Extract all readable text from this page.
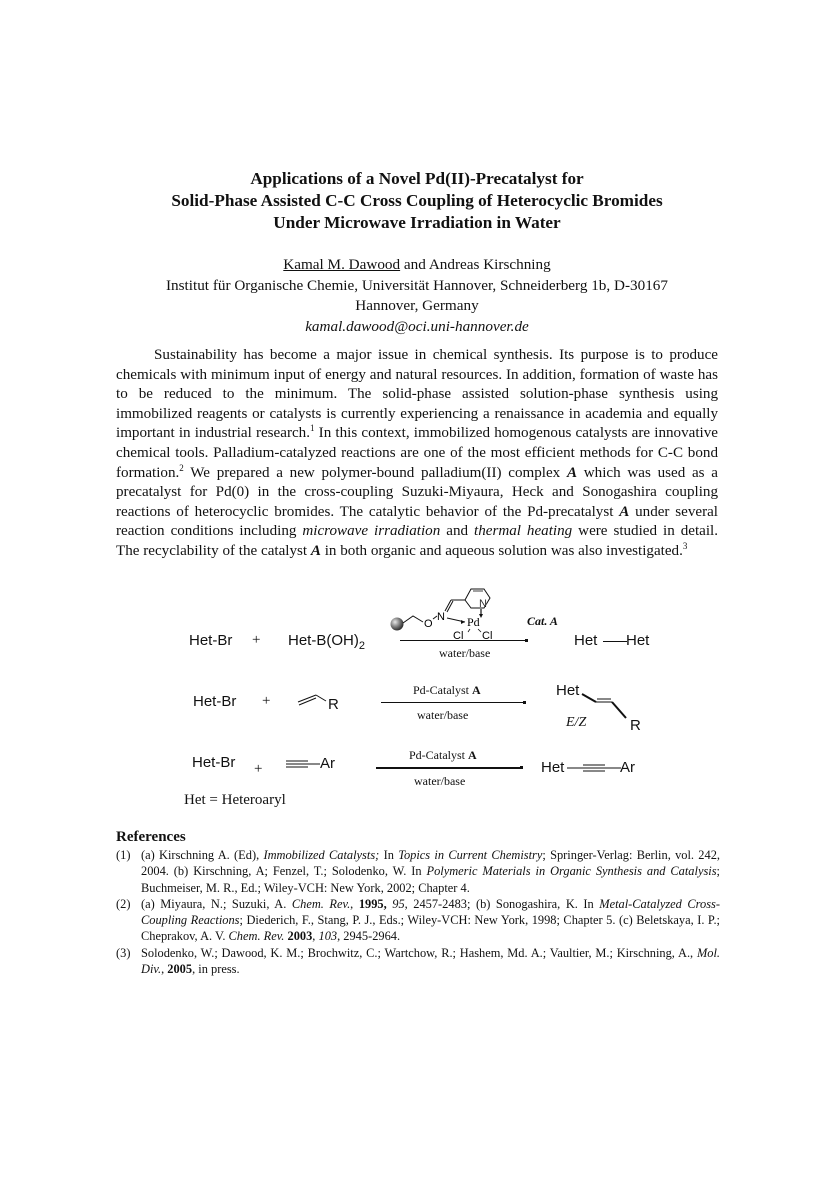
Applications of a Novel Pd(II)-Precatalyst for
Solid-Phase Assisted C-C Cross Coupling of Heterocyclic Bromides
Under Microwave Irradiation in Water
Kamal M. Dawood and Andreas Kirschning
Institut für Organische Chemie, Universität Hannover, Schneiderberg 1b, D-30167
Hannover, Germany
kamal.dawood@oci.uni-hannover.de

Sustainability has become a major issue in chemical synthesis. Its purpose is to produce chemicals with minimum input of energy and natural resources. In addition, formation of waste has to be reduced to the minimum. The solid-phase assisted solution-phase synthesis using immobilized reagents or catalysts is currently experiencing a renaissance in academia and equally important in industrial research.$^1$ In this context, immobilized homogenous catalysts are innovative chemical tools. Palladium-catalyzed reactions are one of the most efficient methods for C-C bond formation.$^2$ We prepared a new polymer-bound palladium(II) complex A which was used as a precatalyst for Pd(0) in the cross-coupling Suzuki-Miyaura, Heck and Sonogashira coupling reactions of heterocyclic bromides. The catalytic behavior of the Pd-precatalyst A under several reaction conditions including microwave irradiation and thermal heating were studied in detail. The recyclability of the catalyst A in both organic and aqueous solution was also investigated.$^3$

Het-Br + Het-$B(OH)_2$
O
N
N
Pd
Cl Cl
Cat. A
water/base
Het Het
Het-Br +	R
Pd-Catalyst A
water/base
Het
E/Z	R
Het-Br +	Ar	Pd-Catalyst A
water/base
Het	Ar
Het = Heteroaryl
References
(1) (a) Kirschning A. (Ed), Immobilized Catalysts; In Topics in Current Chemistry; Springer-Verlag: Berlin, vol. 242, 2004. (b) Kirschning, A; Fenzel, T.; Solodenko, W. In Polymeric Materials in Organic Synthesis and Catalysis; Buchmeiser, M. R., Ed.; Wiley-VCH: New York, 2002; Chapter 4.
(2) (a) Miyaura, N.; Suzuki, A. Chem. Rev., 1995, 95, 2457-2483; (b) Sonogashira, K. In Metal-Catalyzed Cross-Coupling Reactions; Diederich, F., Stang, P. J., Eds.; Wiley-VCH: New York, 1998; Chapter 5. (c) Beletskaya, I. P.; Cheprakov, A. V. Chem. Rev. 2003, 103, 2945-2964.
(3) Solodenko, W.; Dawood, K. M.; Brochwitz, C.; Wartchow, R.; Hashem, Md. A.; Vaultier, M.; Kirschning, A., Mol. Div., 2005, in press.
